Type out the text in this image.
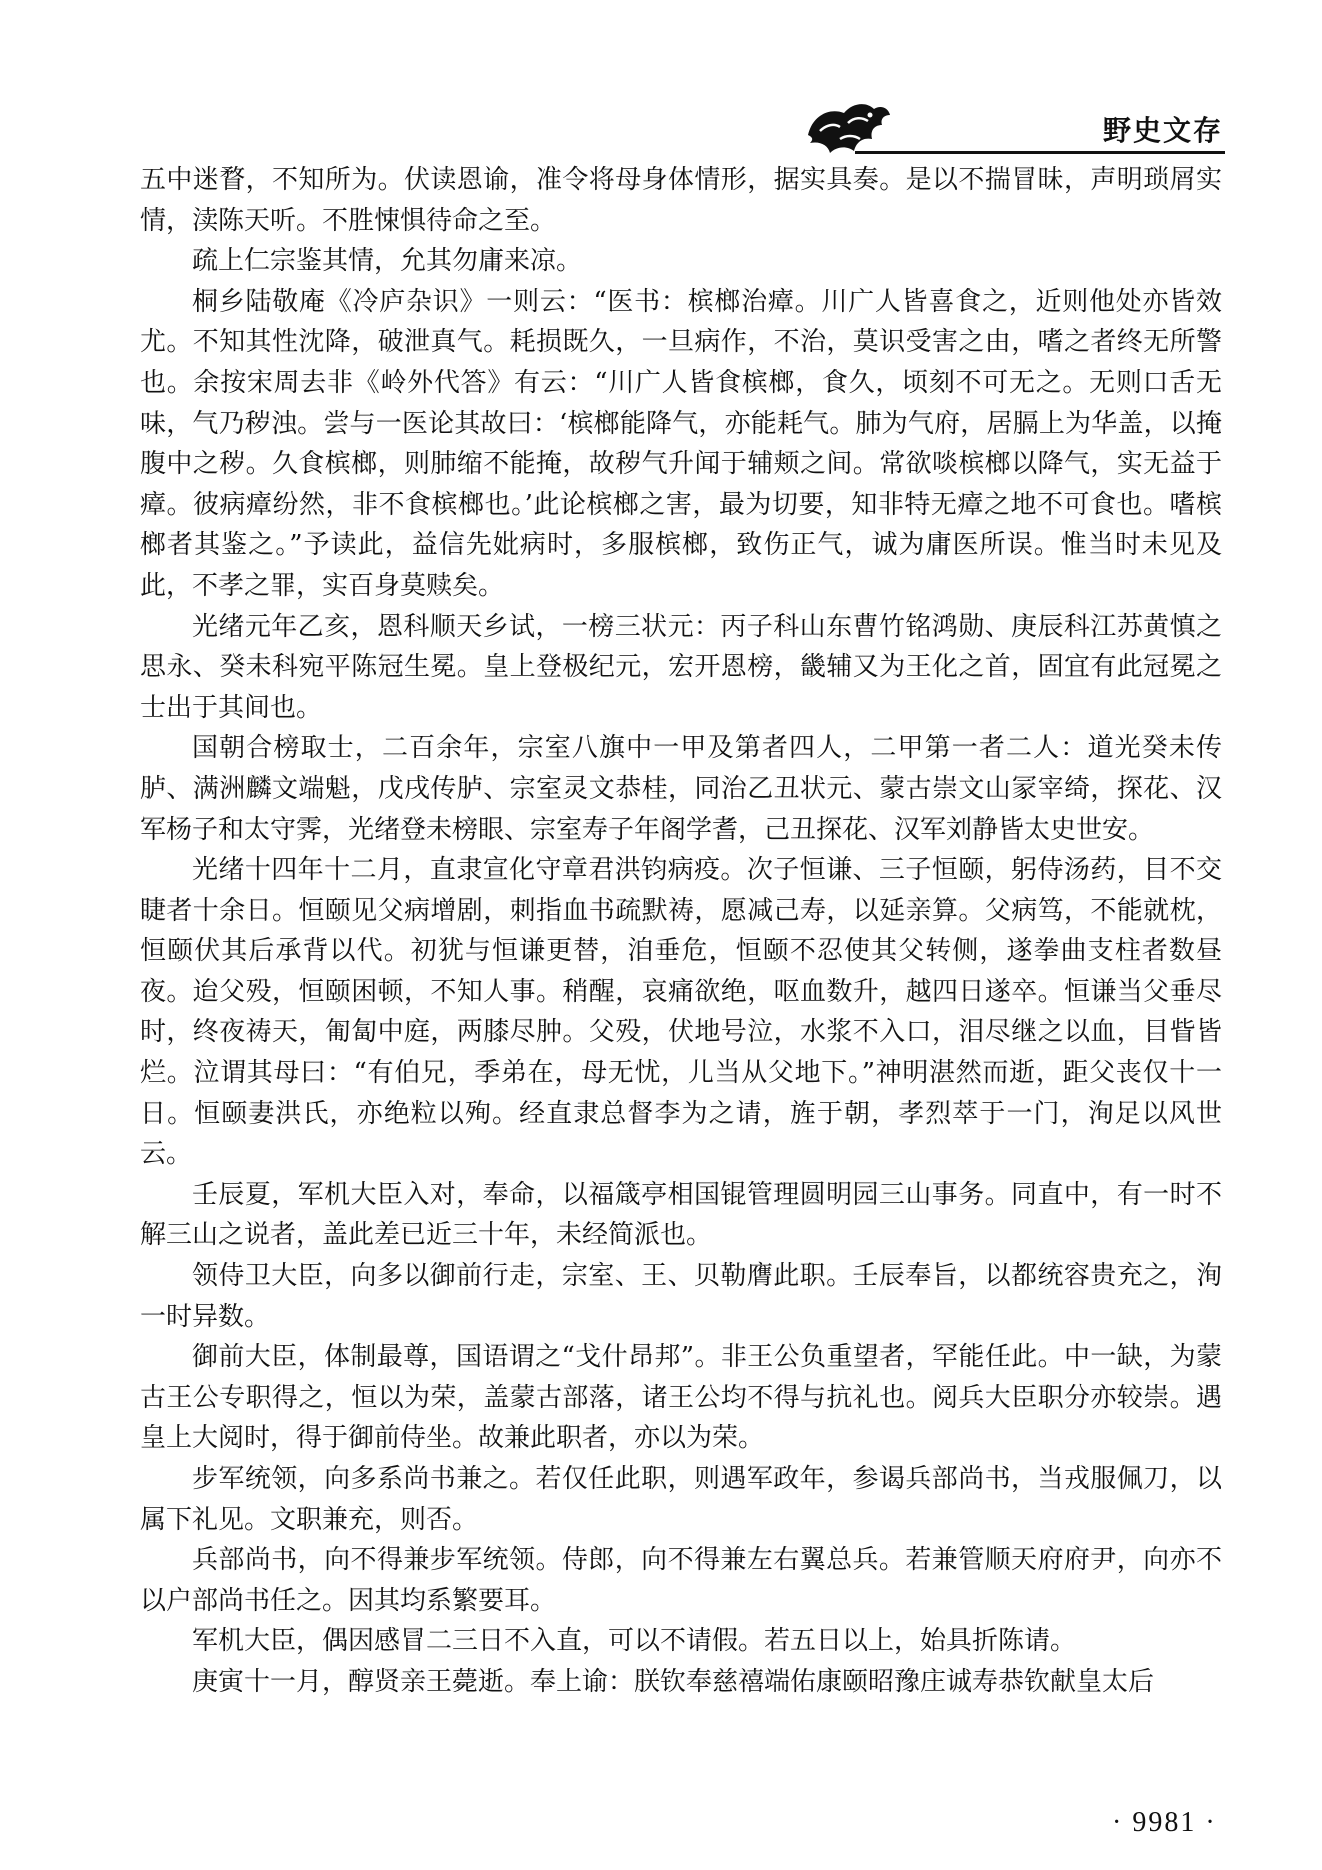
野史文存

五中迷瞀，不知所为。伏读恩谕，准令将母身体情形，据实具奏。是以不揣冒昧，声明琐屑实情，渎陈天听。不胜悚惧待命之至。

疏上仁宗鉴其情，允其勿庸来凉。

桐乡陆敬庵《冷庐杂识》一则云：“医书：槟榔治瘴。川广人皆喜食之，近则他处亦皆效尤。不知其性沈降，破泄真气。耗损既久，一旦病作，不治，莫识受害之由，嗜之者终无所警也。余按宋周去非《岭外代答》有云：“川广人皆食槟榔，食久，顷刻不可无之。无则口舌无味，气乃秽浊。尝与一医论其故曰：‘槟榔能降气，亦能耗气。肺为气府，居膈上为华盖，以掩腹中之秽。久食槟榔，则肺缩不能掩，故秽气升闻于辅颊之间。常欲啖槟榔以降气，实无益于瘴。彼病瘴纷然，非不食槟榔也。’此论槟榔之害，最为切要，知非特无瘴之地不可食也。嗜槟榔者其鉴之。”予读此，益信先妣病时，多服槟榔，致伤正气，诚为庸医所误。惟当时未见及此，不孝之罪，实百身莫赎矣。

光绪元年乙亥，恩科顺天乡试，一榜三状元：丙子科山东曹竹铭鸿勋、庚辰科江苏黄慎之思永、癸未科宛平陈冠生冕。皇上登极纪元，宏开恩榜，畿辅又为王化之首，固宜有此冠冕之士出于其间也。

国朝合榜取士，二百余年，宗室八旗中一甲及第者四人，二甲第一者二人：道光癸未传胪、满洲麟文端魁，戊戌传胪、宗室灵文恭桂，同治乙丑状元、蒙古崇文山冡宰绮，探花、汉军杨子和太守霁，光绪登未榜眼、宗室寿子年阁学耆，己丑探花、汉军刘静皆太史世安。

光绪十四年十二月，直隶宣化守章君洪钧病疫。次子恒谦、三子恒颐，躬侍汤药，目不交睫者十余日。恒颐见父病增剧，刺指血书疏默祷，愿减己寿，以延亲算。父病笃，不能就枕，恒颐伏其后承背以代。初犹与恒谦更替，洎垂危，恒颐不忍使其父转侧，遂拳曲支柱者数昼夜。迨父殁，恒颐困顿，不知人事。稍醒，哀痛欲绝，呕血数升，越四日遂卒。恒谦当父垂尽时，终夜祷天，匍匐中庭，两膝尽肿。父殁，伏地号泣，水浆不入口，泪尽继之以血，目眥皆烂。泣谓其母曰：“有伯兄，季弟在，母无忧，儿当从父地下。”神明湛然而逝，距父丧仅十一日。恒颐妻洪氏，亦绝粒以殉。经直隶总督李为之请，旌于朝，孝烈萃于一门，洵足以风世云。

壬辰夏，军机大臣入对，奉命，以福箴亭相国锟管理圆明园三山事务。同直中，有一时不解三山之说者，盖此差已近三十年，未经简派也。

领侍卫大臣，向多以御前行走，宗室、王、贝勒膺此职。壬辰奉旨，以都统容贵充之，洵一时异数。

御前大臣，体制最尊，国语谓之“戈什昂邦”。非王公负重望者，罕能任此。中一缺，为蒙古王公专职得之，恒以为荣，盖蒙古部落，诸王公均不得与抗礼也。阅兵大臣职分亦较崇。遇皇上大阅时，得于御前侍坐。故兼此职者，亦以为荣。

步军统领，向多系尚书兼之。若仅任此职，则遇军政年，参谒兵部尚书，当戎服佩刀，以属下礼见。文职兼充，则否。

兵部尚书，向不得兼步军统领。侍郎，向不得兼左右翼总兵。若兼管顺天府府尹，向亦不以户部尚书任之。因其均系繁要耳。

军机大臣，偶因感冒二三日不入直，可以不请假。若五日以上，始具折陈请。

庚寅十一月，醇贤亲王薨逝。奉上谕：朕钦奉慈禧端佑康颐昭豫庄诚寿恭钦献皇太后

· 9981 ·
